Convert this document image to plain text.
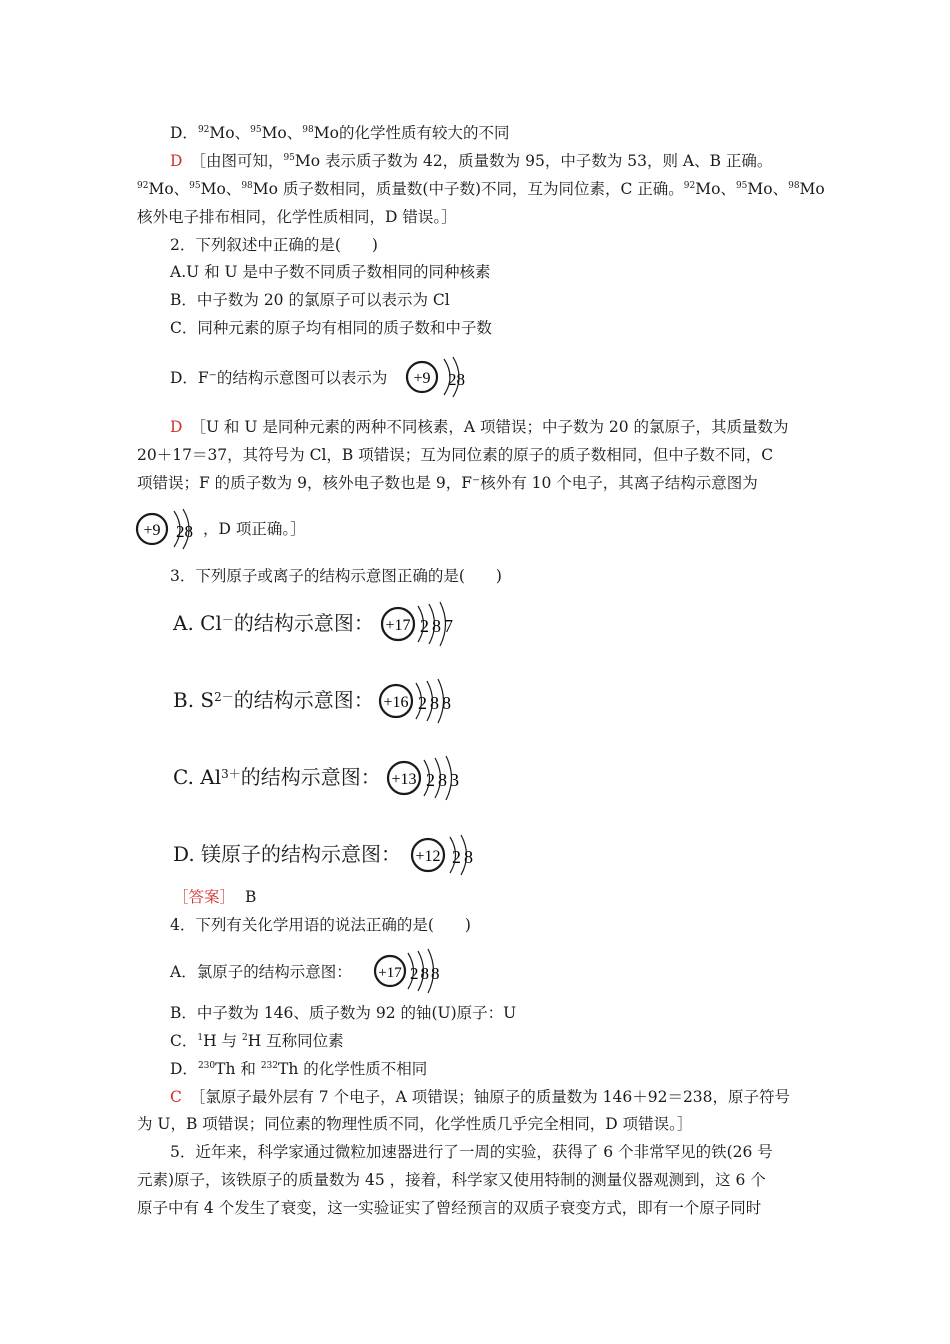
D．$^{92}$Mo、$^{95}$Mo、$^{98}$Mo的化学性质有较大的不同
D ［由图可知，$^{95}$Mo 表示质子数为 42，质量数为 95，中子数为 53，则 A、B 正确。
$^{92}$Mo、$^{95}$Mo、$^{98}$Mo 质子数相同，质量数(中子数)不同，互为同位素，C 正确。$^{92}$Mo、$^{95}$Mo、$^{98}$Mo
核外电子排布相同，化学性质相同，D 错误。］
2．下列叙述中正确的是(　　)
A.U 和 U 是中子数不同质子数相同的同种核素
B．中子数为 20 的氯原子可以表示为 Cl
C．同种元素的原子均有相同的质子数和中子数
D．F⁻的结构示意图可以表示为 +9 28
D ［U 和 U 是同种元素的两种不同核素，A 项错误；中子数为 20 的氯原子，其质量数为
20＋17＝37，其符号为 Cl，B 项错误；互为同位素的原子的质子数相同，但中子数不同，C
项错误；F 的质子数为 9，核外电子数也是 9，F⁻核外有 10 个电子，其离子结构示意图为
+9 28 ，D 项正确。］
3．下列原子或离子的结构示意图正确的是(　　)
A. Cl－的结构示意图： +17 287
B. $S^{2-}$的结构示意图： +16 288
C. $Al^{3+}$的结构示意图： +13 283
D. 镁原子的结构示意图： +12 28
［答案］ B
4．下列有关化学用语的说法正确的是(　　)
A．氯原子的结构示意图： +17 288
B．中子数为 146、质子数为 92 的铀(U)原子：U
C．$^1$H 与 $^2$H 互称同位素
D．$^{230}$Th 和 $^{232}$Th 的化学性质不相同
C ［氯原子最外层有 7 个电子，A 项错误；铀原子的质量数为 146＋92＝238，原子符号
为 U，B 项错误；同位素的物理性质不同，化学性质几乎完全相同，D 项错误。］
5．近年来，科学家通过微粒加速器进行了一周的实验，获得了 6 个非常罕见的铁(26 号
元素)原子，该铁原子的质量数为 45 ，接着，科学家又使用特制的测量仪器观测到，这 6 个
原子中有 4 个发生了衰变，这一实验证实了曾经预言的双质子衰变方式，即有一个原子同时
